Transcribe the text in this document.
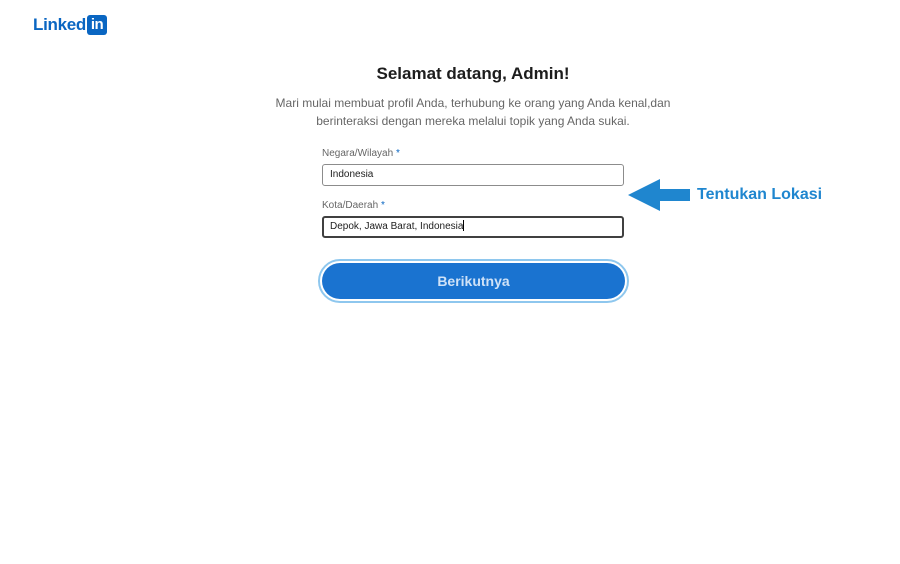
Linked in
Selamat datang, Admin!
Mari mulai membuat profil Anda, terhubung ke orang yang Anda kenal,dan berinteraksi dengan mereka melalui topik yang Anda sukai.
Negara/Wilayah *
Indonesia
Kota/Daerah *
Depok, Jawa Barat, Indonesia
Berikutnya
Tentukan Lokasi
